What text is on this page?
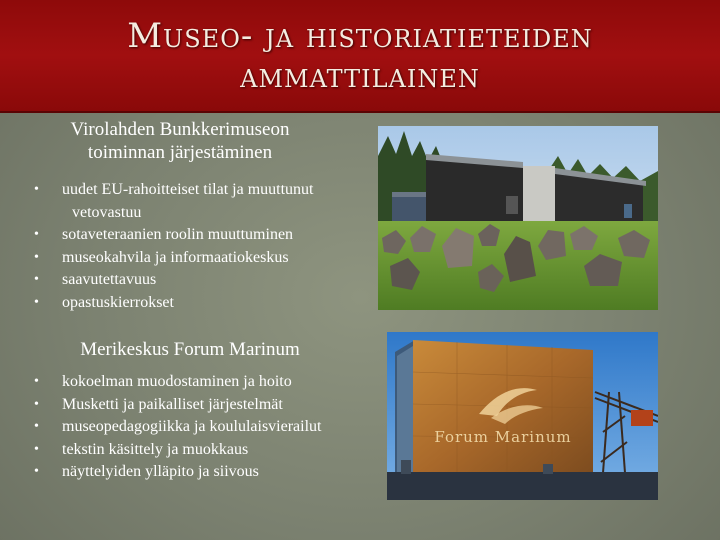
Museo- ja historiatieteiden
ammattilainen
Virolahden Bunkkerimuseon
toiminnan järjestäminen
• uudet EU-rahoitteiset tilat ja muuttunut
vetovastuu
• sotaveteraanien roolin muuttuminen
• museokahvila ja informaatiokeskus
• saavutettavuus
• opastuskierrokset
Merikeskus Forum Marinum
• kokoelman muodostaminen ja hoito
• Musketti ja paikalliset järjestelmät
• museopedagogiikka ja koululaisvierailut
• tekstin käsittely ja muokkaus
• näyttelyiden ylläpito ja siivous
Forum Marinum
